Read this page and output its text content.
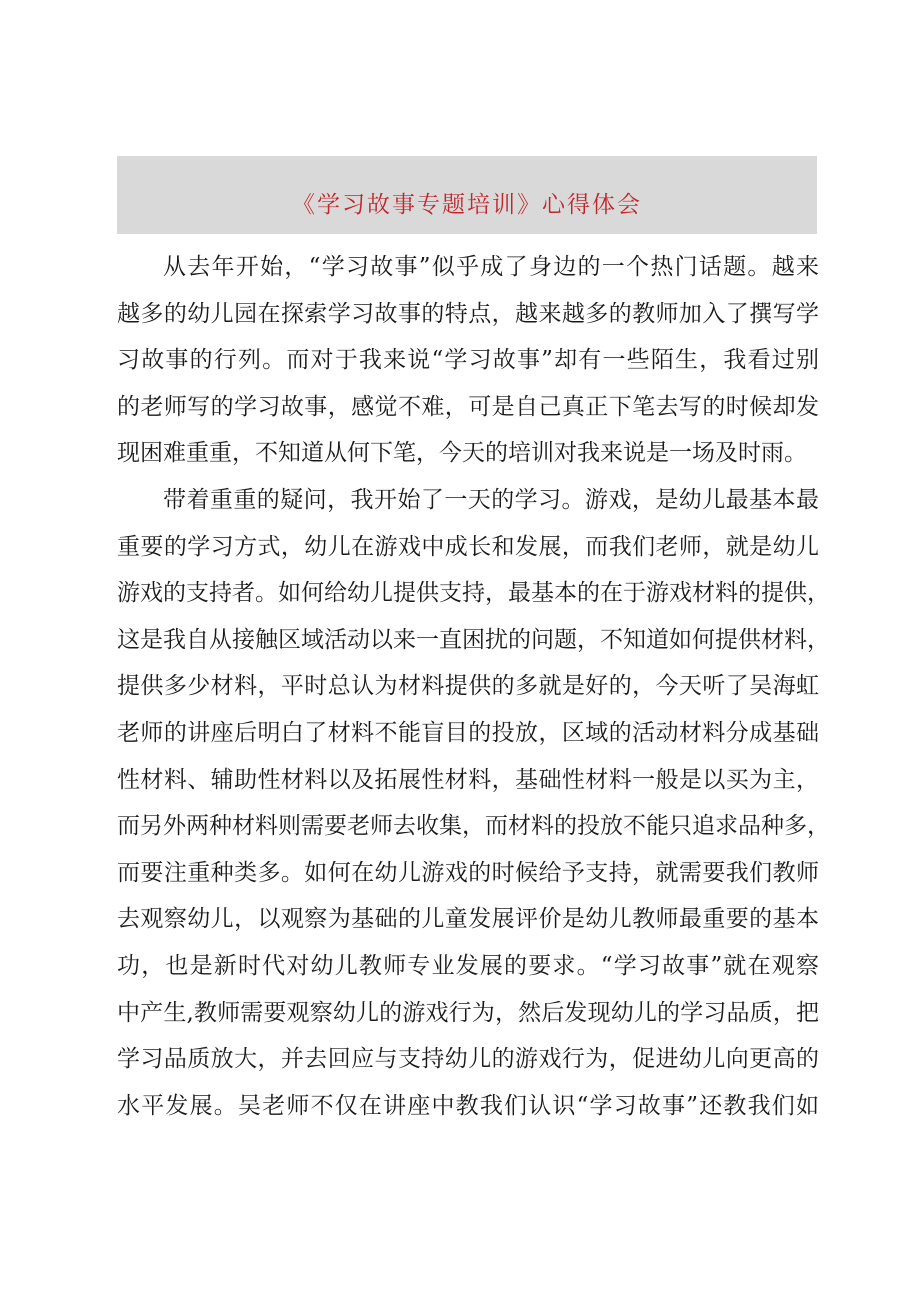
《学习故事专题培训》心得体会
从去年开始，“学习故事”似乎成了身边的一个热门话题。越来
越多的幼儿园在探索学习故事的特点，越来越多的教师加入了撰写学
习故事的行列。而对于我来说“学习故事”却有一些陌生，我看过别
的老师写的学习故事，感觉不难，可是自己真正下笔去写的时候却发
现困难重重，不知道从何下笔，今天的培训对我来说是一场及时雨。
带着重重的疑问，我开始了一天的学习。游戏，是幼儿最基本最
重要的学习方式，幼儿在游戏中成长和发展，而我们老师，就是幼儿
游戏的支持者。如何给幼儿提供支持，最基本的在于游戏材料的提供，
这是我自从接触区域活动以来一直困扰的问题，不知道如何提供材料，
提供多少材料，平时总认为材料提供的多就是好的，今天听了吴海虹
老师的讲座后明白了材料不能盲目的投放，区域的活动材料分成基础
性材料、辅助性材料以及拓展性材料，基础性材料一般是以买为主，
而另外两种材料则需要老师去收集，而材料的投放不能只追求品种多，
而要注重种类多。如何在幼儿游戏的时候给予支持，就需要我们教师
去观察幼儿，以观察为基础的儿童发展评价是幼儿教师最重要的基本
功，也是新时代对幼儿教师专业发展的要求。“学习故事”就在观察
中产生,教师需要观察幼儿的游戏行为，然后发现幼儿的学习品质，把
学习品质放大，并去回应与支持幼儿的游戏行为，促进幼儿向更高的
水平发展。吴老师不仅在讲座中教我们认识“学习故事”还教我们如
